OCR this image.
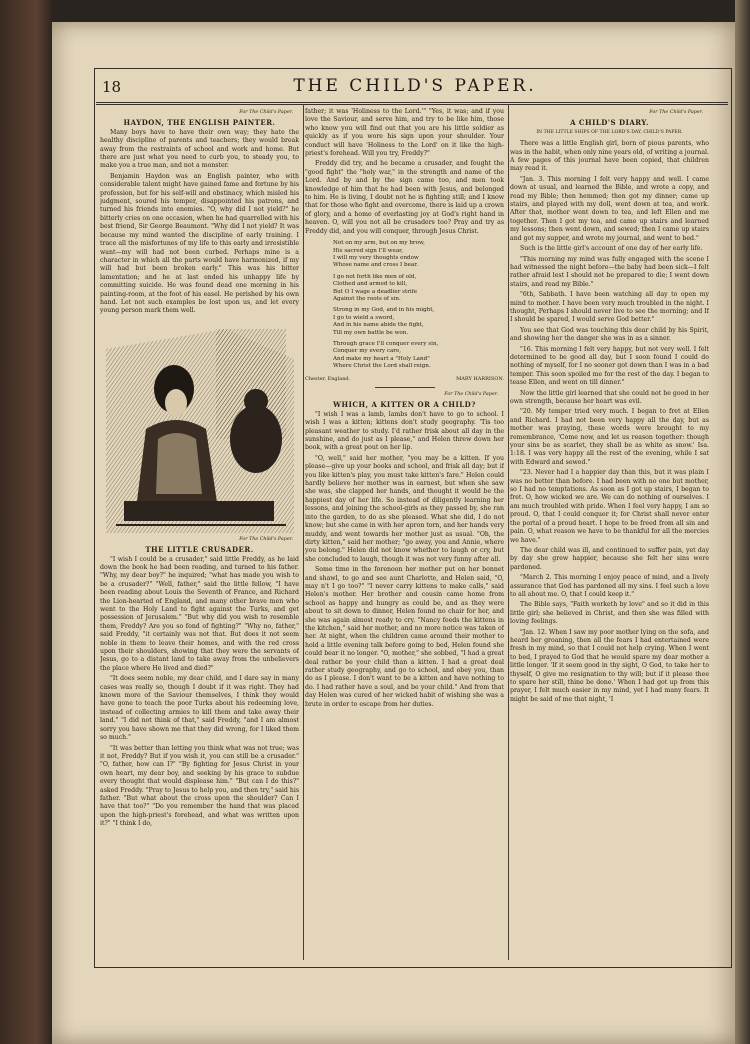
18	THE CHILD'S PAPER.
For The Child's Paper.
HAYDON, THE ENGLISH PAINTER.

Many boys have to have their own way; they hate the healthy discipline of parents and teachers; they would break away from the restraints of school and work and home. But there are just what you need to curb you, to steady you, to make you a true man, and not a monster.

Benjamin Haydon was an English painter, who with considerable talent might have gained fame and fortune by his profession, but for his self-will and obstinacy, which misled his judgment, soured his temper, disappointed his patrons, and turned his friends into enemies. "O, why did I not yield?" he bitterly cries on one occasion, when he had quarrelled with his best friend, Sir George Beaumont. "Why did I not yield? It was because my mind wanted the discipline of early training. I trace all the misfortunes of my life to this early and irresistible want—my will had not been curbed. Perhaps mine is a character in which all the parts would have harmonized, if my will had but been broken early." This was his bitter lamentation; and he at last ended his unhappy life by committing suicide. He was found dead one morning in his painting-room, at the foot of his easel. He perished by his own hand. Let not such examples be lost upon us, and let every young person mark them well.

For The Child's Paper.
THE LITTLE CRUSADER.

"I wish I could be a crusader," said little Freddy, as he laid down the book he had been reading, and turned to his father. "Why, my dear boy?" he inquired; "what has made you wish to be a crusader?" "Well, father," said the little fellow, "I have been reading about Louis the Seventh of France, and Richard the Lion-hearted of England, and many other brave men who went to the Holy Land to fight against the Turks, and get possession of Jerusalem." "But why did you wish to resemble them, Freddy? Are you so fond of fighting?" "Why no, father," said Freddy, "it certainly was not that. But does it not seem noble in them to leave their homes, and with the red cross upon their shoulders, showing that they were the servants of Jesus, go to a distant land to take away from the unbelievers the place where He lived and died?"

"It does seem noble, my dear child, and I dare say in many cases was really so, though I doubt if it was right. They had known more of the Saviour themselves, I think they would have gone to teach the poor Turks about his redeeming love, instead of collecting armies to kill them and take away their land." "I did not think of that," said Freddy, "and I am almost sorry you have shown me that they did wrong, for I liked them so much."

"It was better than letting you think what was not true; was it not, Freddy? But if you wish it, you can still be a crusader." "O, father, how can I?" "By fighting for Jesus Christ in your own heart, my dear boy, and seeking by his grace to subdue every thought that would displease him." "But can I do this?" asked Freddy. "Pray to Jesus to help you, and then try," said his father. "But what about the cross upon the shoulder? Can I have that too?" "Do you remember the hand that was placed upon the high-priest's forehead, and what was written upon it?" "I think I do,

father; it was 'Holiness to the Lord.'" "Yes, it was; and if you love the Saviour, and serve him, and try to be like him, those who know you will find out that you are his little soldier as quickly as if you wore his sign upon your shoulder. Your conduct will have 'Holiness to the Lord' on it like the high-priest's forehead. Will you try, Freddy?"

Freddy did try, and he became a crusader, and fought the "good fight" the "holy war," in the strength and name of the Lord. And by and by the sign came too, and men took knowledge of him that he had been with Jesus, and belonged to him. He is living, I doubt not he is fighting still; and I know that for those who fight and overcome, there is laid up a crown of glory, and a home of everlasting joy at God's right hand in heaven. O, will you not all be crusaders too? Pray and try as Freddy did, and you will conquer, through Jesus Christ.

Not on my arm, but on my brow,
His sacred sign I'll wear,
I will my very thoughts endow
Whose name and cross I bear.
I go not forth like men of old,
Clothed and armed to kill,
But O I wage a deadlier strife
Against the roots of sin.
Strong in my God, and in his might,
I go to wield a sword,
And in his name abide the fight,
Till my own battle be won.
Through grace I'll conquer every sin,
Conquer my every care,
And make my heart a "Holy Land"
Where Christ the Lord shall reign.
Chester, England.	MARY HARRISON.
For The Child's Paper.
WHICH, A KITTEN OR A CHILD?

"I wish I was a lamb, lambs don't have to go to school. I wish I was a kitten; kittens don't study geography. 'Tis too pleasant weather to study. I'd rather frisk about all day in the sunshine, and do just as I please," and Helen threw down her book, with a great pout on her lip.

"O, well," said her mother, "you may be a kitten. If you please—give up your books and school, and frisk all day; but if you like kitten's play, you must take kitten's fare." Helen could hardly believe her mother was in earnest, but when she saw she was, she clapped her hands, and thought it would be the happiest day of her life. So instead of diligently learning her lessons, and joining the school-girls as they passed by, she ran into the garden, to do as she pleased. What she did, I do not know; but she came in with her apron torn, and her hands very muddy, and went towards her mother just as usual. "Oh, the dirty kitten," said her mother; "go away, you and Annie, where you belong." Helen did not know whether to laugh or cry, but she concluded to laugh, though it was not very funny after all.

Some time in the forenoon her mother put on her bonnet and shawl, to go and see aunt Charlotte, and Helen said, "O, may n't I go too?" "I never carry kittens to make calls," said Helen's mother. Her brother and cousin came home from school as happy and hungry as could be, and as they were about to sit down to dinner, Helen found no chair for her, and she was again almost ready to cry. "Nancy feeds the kittens in the kitchen," said her mother, and no more notice was taken of her. At night, when the children came around their mother to hold a little evening talk before going to bed, Helen found she could bear it no longer. "O, mother," she sobbed, "I had a great deal rather be your child than a kitten. I had a great deal rather study geography, and go to school, and obey you, than do as I please. I don't want to be a kitten and have nothing to do. I had rather have a soul, and be your child." And from that day Helen was cured of her wicked habit of wishing she was a brute in order to escape from her duties.

For The Child's Paper.
A CHILD'S DIARY.
IN THE LITTLE SHIPS OF THE LORD'S DAY, CHILD'S PAPER.

There was a little English girl, born of pious parents, who was in the habit, when only nine years old, of writing a journal. A few pages of this journal have been copied, that children may read it.

"Jan. 3. This morning I felt very happy and well. I came down at usual, and learned the Bible, and wrote a copy, and read my Bible; then hemmed; then got my dinner; came up stairs, and played with my doll, went down at tea, and work. After that, mother went down to tea, and left Ellen and me together. Then I got my tea, and came up stairs and learned my lessons; then went down, and sewed; then I came up stairs and got my supper, and wrote my journal, and went to bed."

Such is the little girl's account of one day of her early life.

"This morning my mind was fully engaged with the scene I had witnessed the night before—the baby had been sick—I felt rather afraid lest I should not be prepared to die; I went down stairs, and read my Bible."

"6th, Sabbath. I have been watching all day to open my mind to mother. I have been very much troubled in the night. I thought, Perhaps I should never live to see the morning; and If I should be spared, I would serve God better."

You see that God was touching this dear child by his Spirit, and showing her the danger she was in as a sinner.

"16. This morning I felt very happy, but not very well. I felt determined to be good all day, but I soon found I could do nothing of myself, for I no sooner got down than I was in a bad temper. This soon spoiled me for the rest of the day. I began to tease Ellen, and went on till dinner."

Now the little girl learned that she could not be good in her own strength, because her heart was evil.

"20. My temper tried very much. I began to fret at Ellen and Richard. I had not been very happy all the day, but as mother was praying, these words were brought to my remembrance, 'Come now, and let us reason together: though your sins be as scarlet, they shall be as white as snow.' Isa. 1:18. I was very happy all the rest of the evening, while I sat with Edward and sewed."

"23. Never had I a happier day than this, but it was plain I was no better than before. I had been with no one but mother, so I had no temptations. As soon as I got up stairs, I began to fret. O, how wicked we are. We can do nothing of ourselves. I am much troubled with pride. When I feel very happy, I am so proud. O, that I could conquer it; for Christ shall never enter the portal of a proud heart. I hope to be freed from all sin and pain. O, what reason we have to be thankful for all the mercies we have."

The dear child was ill, and continued to suffer pain, yet day by day she grew happier, because she felt her sins were pardoned.

"March 2. This morning I enjoy peace of mind, and a lively assurance that God has pardoned all my sins. I feel such a love to all about me. O, that I could keep it."

The Bible says, "Faith worketh by love" and so it did in this little girl; she believed in Christ, and then she was filled with loving feelings.

"Jan. 12. When I saw my poor mother lying on the sofa, and heard her groaning, then all the fears I had entertained were fresh in my mind, so that I could not help crying. When I went to bed, I prayed to God that he would spare my dear mother a little longer. 'If it seem good in thy sight, O God, to take her to thyself, O give me resignation to thy will; but if it please thee to spare her still, thine be done.' When I had got up from this prayer, I felt much easier in my mind, yet I had many fears. It might be said of me that night, 'I
